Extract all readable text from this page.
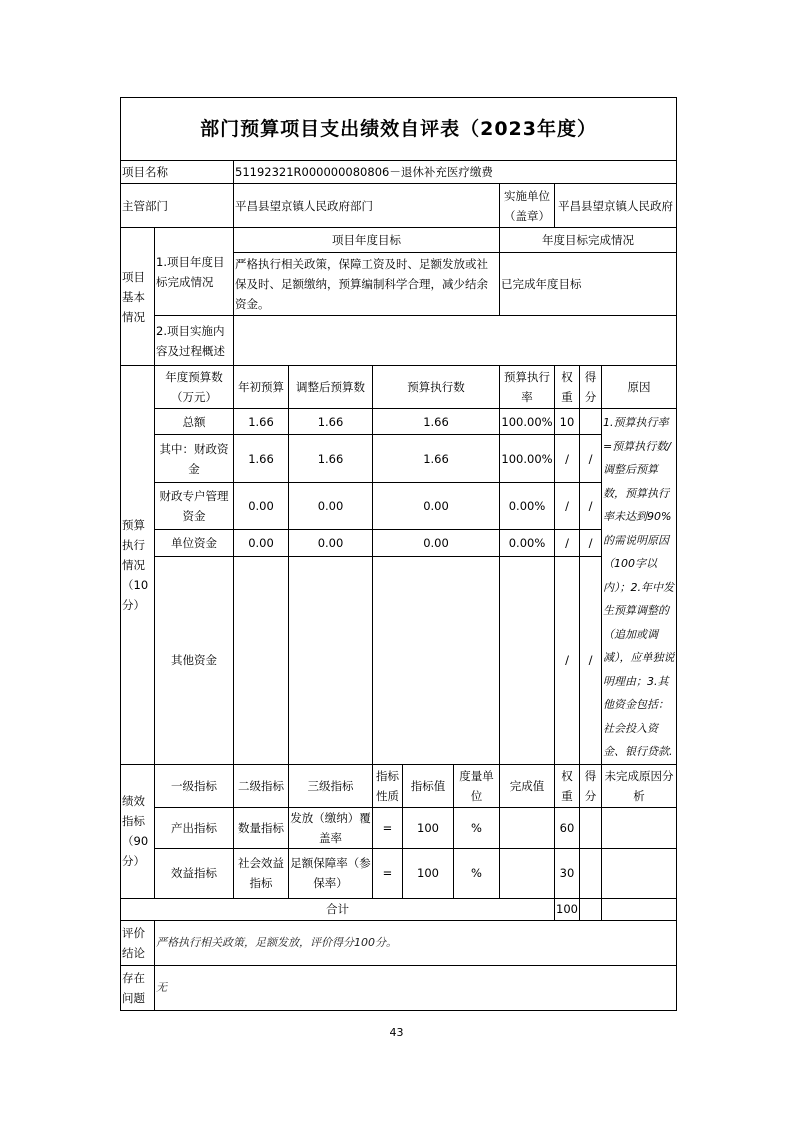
部门预算项目支出绩效自评表（2023年度）										
项目名称		51192321R000000080806－退休补充医疗缴费								
主管部门		平昌县望京镇人民政府部门					实施单位（盖章）	平昌县望京镇人民政府		
项目基本情况	1.项目年度目标完成情况	项目年度目标					年度目标完成情况			
		严格执行相关政策，保障工资及时、足额发放或社保及时、足额缴纳，预算编制科学合理，减少结余资金。					已完成年度目标			
	2.项目实施内容及过程概述									
预算执行情况（10分）	年度预算数（万元）	年初预算	调整后预算数	预算执行数			预算执行率	权重	得分	原因
	总额	1.66	1.66	1.66			100.00%	10		1.预算执行率=预算执行数/调整后预算数，预算执行率未达到90%的需说明原因（100字以内）；2.年中发生预算调整的（追加或调减），应单独说明理由；3.其他资金包括：社会投入资金、银行贷款.
	其中：财政资金	1.66	1.66	1.66			100.00%	/	/	
	财政专户管理资金	0.00	0.00	0.00			0.00%	/	/	
	单位资金	0.00	0.00	0.00			0.00%	/	/	
	其他资金							/	/	
绩效指标（90分）	一级指标	二级指标	三级指标	指标性质	指标值	度量单位	完成值	权重	得分	未完成原因分析
	产出指标	数量指标	发放（缴纳）覆盖率	=	100	%		60		
	效益指标	社会效益指标	足额保障率（参保率）	=	100	%		30		
合计								100		
评价结论	严格执行相关政策，足额发放，评价得分100分。									
存在问题	无									
43
